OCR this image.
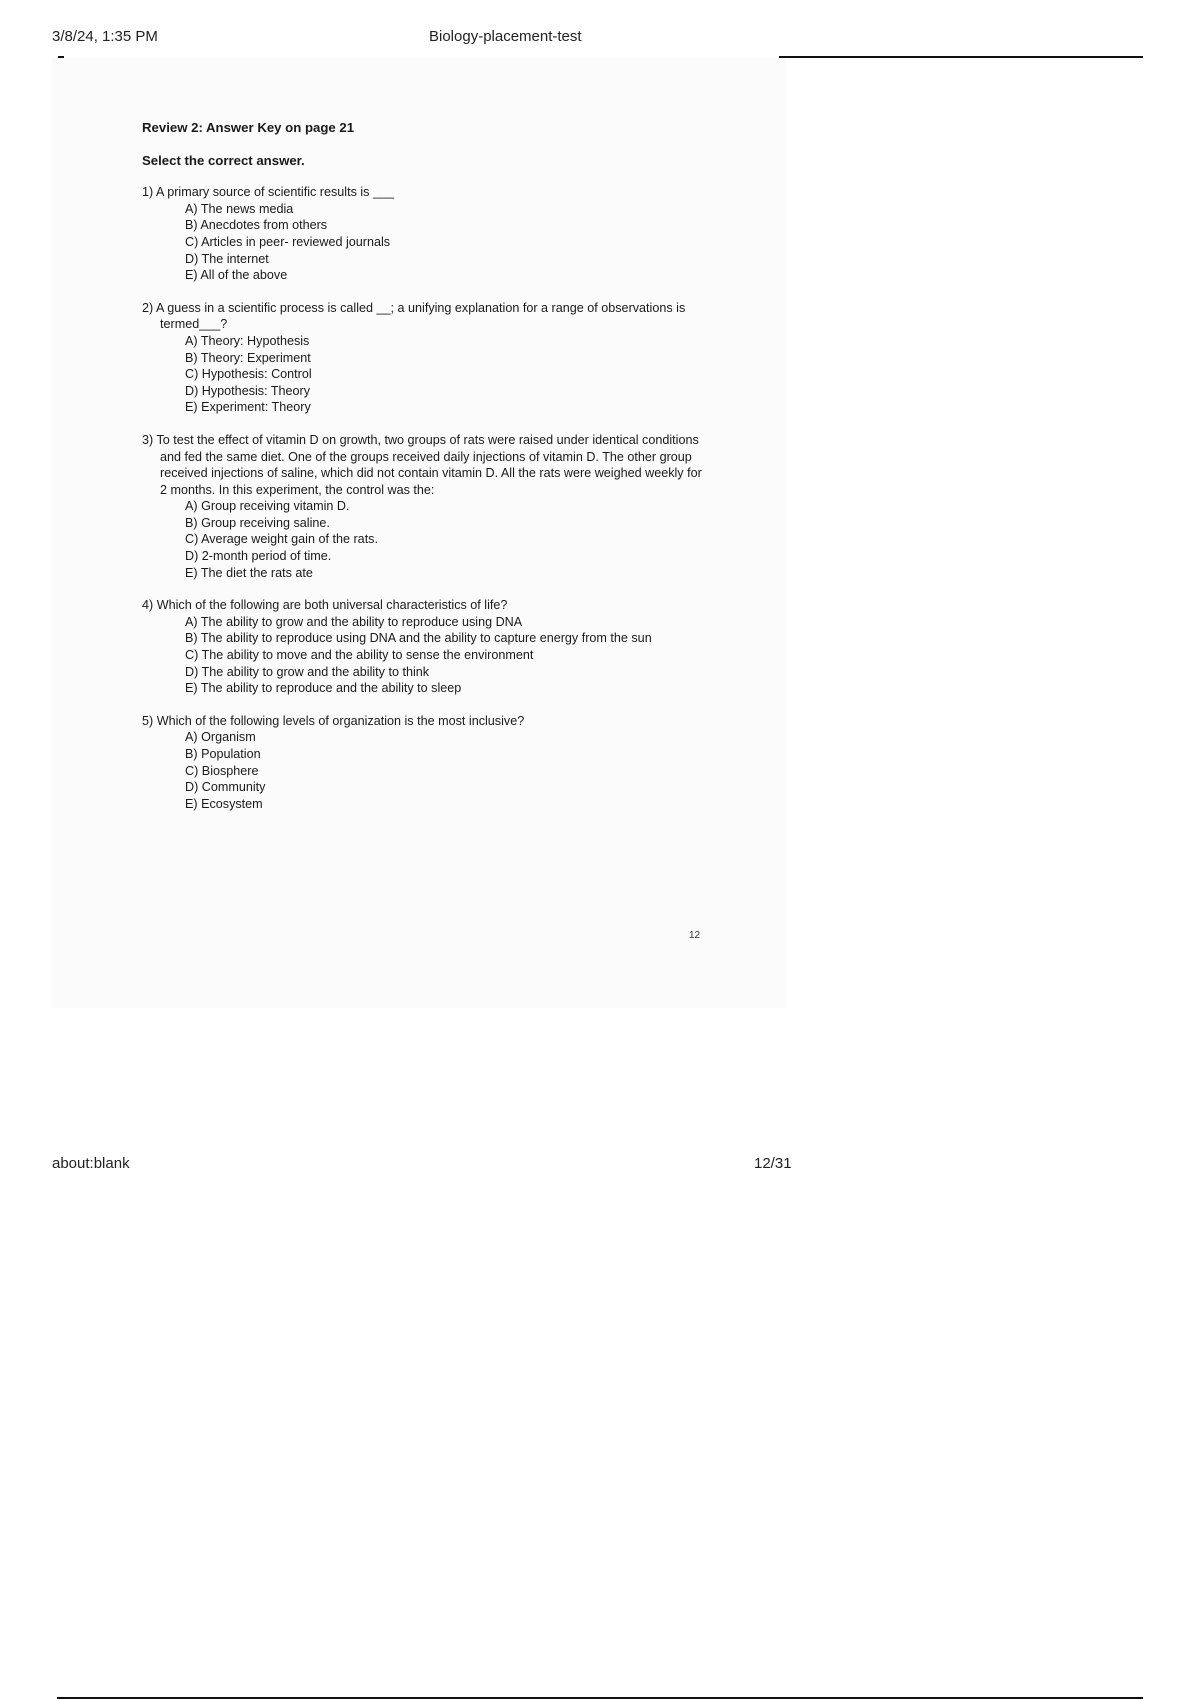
3/8/24, 1:35 PM	Biology-placement-test

Review 2: Answer Key on page 21

Select the correct answer.

1) A primary source of scientific results is ___
A) The news media
B) Anecdotes from others
C) Articles in peer- reviewed journals
D) The internet
E) All of the above
2) A guess in a scientific process is called __; a unifying explanation for a range of observations is termed___?
A) Theory: Hypothesis
B) Theory: Experiment
C) Hypothesis: Control
D) Hypothesis: Theory
E) Experiment: Theory
3) To test the effect of vitamin D on growth, two groups of rats were raised under identical conditions and fed the same diet. One of the groups received daily injections of vitamin D. The other group received injections of saline, which did not contain vitamin D. All the rats were weighed weekly for 2 months. In this experiment, the control was the:
A) Group receiving vitamin D.
B) Group receiving saline.
C) Average weight gain of the rats.
D) 2-month period of time.
E) The diet the rats ate
4) Which of the following are both universal characteristics of life?
A) The ability to grow and the ability to reproduce using DNA
B) The ability to reproduce using DNA and the ability to capture energy from the sun
C) The ability to move and the ability to sense the environment
D) The ability to grow and the ability to think
E) The ability to reproduce and the ability to sleep
5) Which of the following levels of organization is the most inclusive?
A) Organism
B) Population
C) Biosphere
D) Community
E) Ecosystem
12
about:blank	12/31
